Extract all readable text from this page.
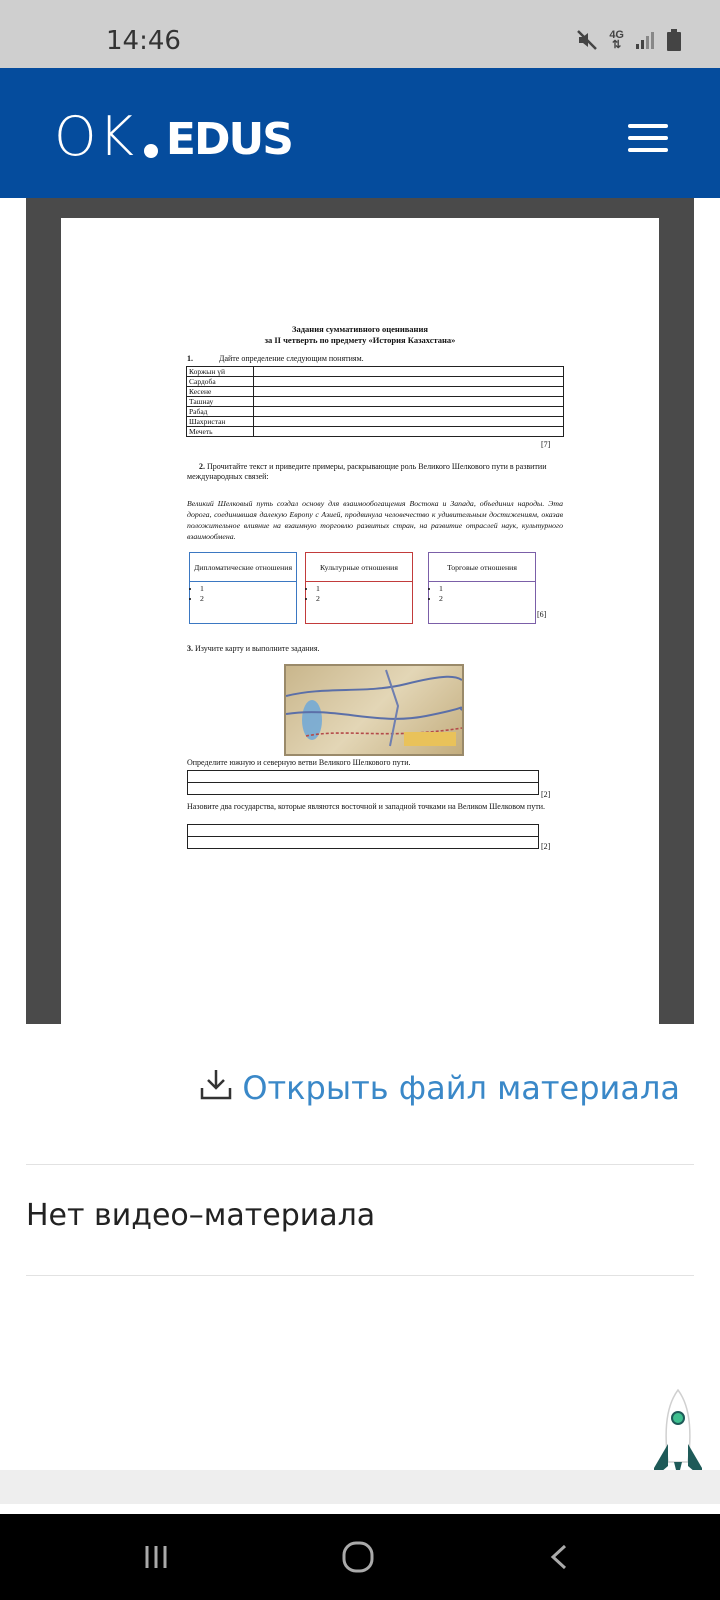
14:46	4G
⇅
OK EDUS
Задания суммативного оценивания
за II четверть по предмету «История Казахстана»
1.	Дайте определение следующим понятиям.
Коржын үй	
Сардоба	
Кесене	
Ташнау	
Рабад	
Шахристан	
Мечеть	
[7]
2. Прочитайте текст и приведите примеры, раскрывающие роль Великого Шелкового пути в развитии международных связей:
Великий Шелковый путь создал основу для взаимообогащения Востока и Запада, объединил народы. Эта дорога, соединившая далекую Европу с Азией, продвинула человечество к удивительным достижениям, оказав положительное влияние на взаимную торговлю развитых стран, на развитие отраслей наук, культурного взаимообмена.
Дипломатические отношения
• 1
• 2
Культурные отношения
• 1
• 2
Торговые отношения
• 1
• 2
[6]
3. Изучите карту и выполните задания.
Определите южную и северную ветви Великого Шелкового пути.

[2]
Назовите два государства, которые являются восточной и западной точками на Великом Шелковом пути.

[2]
Открыть файл материала
Нет видео–материала
